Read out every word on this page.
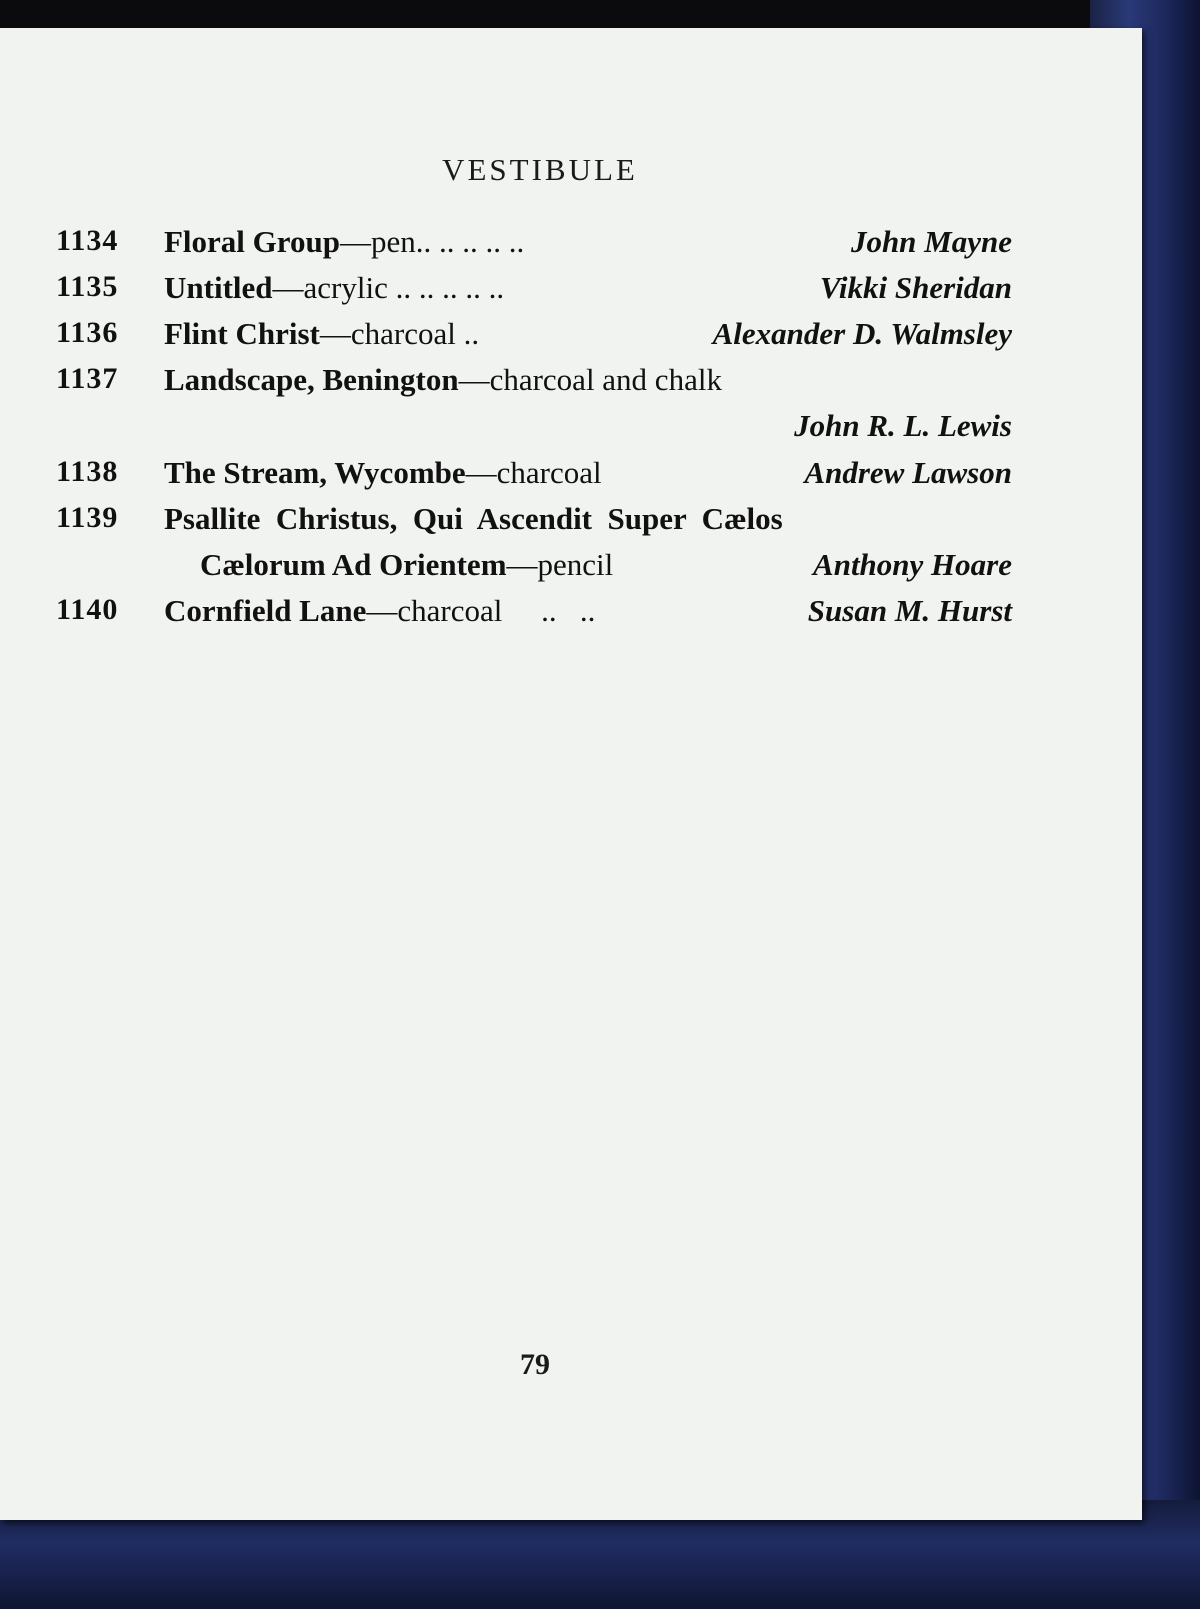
VESTIBULE
1134 Floral Group—pen.. .. .. .. ..	John Mayne
1135 Untitled—acrylic .. .. .. .. ..	Vikki Sheridan
1136 Flint Christ—charcoal ..	Alexander D. Walmsley
1137 Landscape, Benington—charcoal and chalk
John R. L. Lewis
1138 The Stream, Wycombe—charcoal	Andrew Lawson
1139 Psallite  Christus,  Qui  Ascendit  Super  Cælos
Cælorum Ad Orientem—pencil	Anthony Hoare
1140 Cornfield Lane—charcoal ..   ..	Susan M. Hurst
79
